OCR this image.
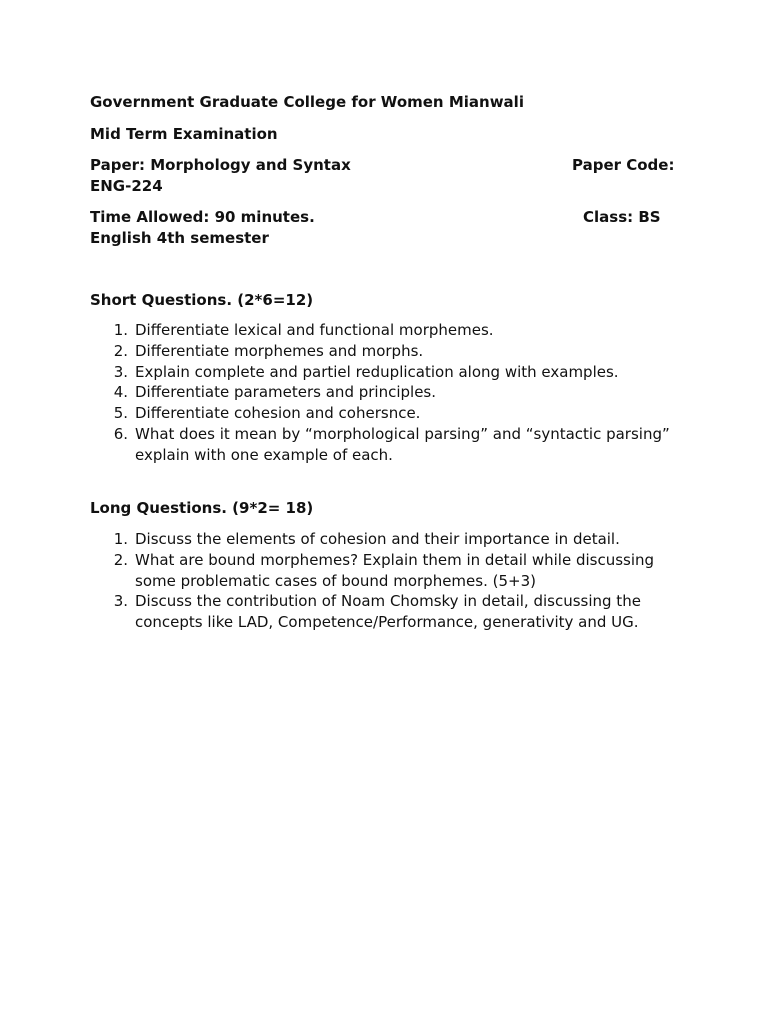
Government Graduate College for Women Mianwali
Mid Term Examination
Paper: Morphology and Syntax	Paper Code:
ENG-224
Time Allowed: 90 minutes.	Class: BS
English 4th semester
Short Questions. (2*6=12)
1. Differentiate lexical and functional morphemes.
2. Differentiate morphemes and morphs.
3. Explain complete and partiel reduplication along with examples.
4. Differentiate parameters and principles.
5. Differentiate cohesion and cohersnce.
6. What does it mean by “morphological parsing” and “syntactic parsing”
explain with one example of each.
Long Questions. (9*2= 18)
1. Discuss the elements of cohesion and their importance in detail.
2. What are bound morphemes? Explain them in detail while discussing
some problematic cases of bound morphemes. (5+3)
3. Discuss the contribution of Noam Chomsky in detail, discussing the
concepts like LAD, Competence/Performance, generativity and UG.
